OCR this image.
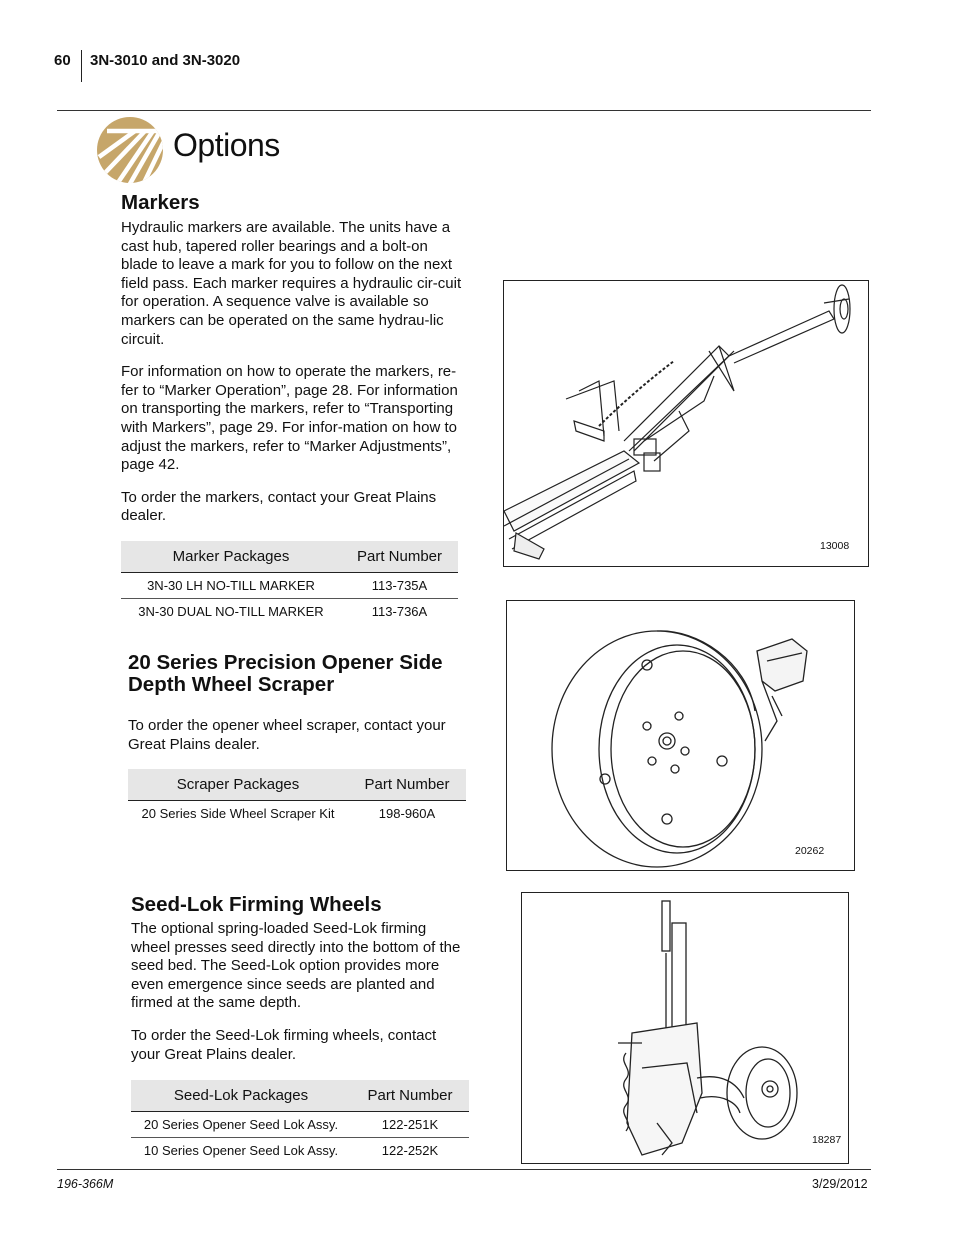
60 3N-3010 and 3N-3020
Options
Markers

Hydraulic markers are available. The units have a cast hub, tapered roller bearings and a bolt-on blade to leave a mark for you to follow on the next field pass. Each marker requires a hydraulic cir-cuit for operation. A sequence valve is available so markers can be operated on the same hydrau-lic circuit.

For information on how to operate the markers, re-fer to “Marker Operation”, page 28. For information on transporting the markers, refer to “Transporting with Markers”, page 29. For infor-mation on how to adjust the markers, refer to “Marker Adjustments”, page 42.

To order the markers, contact your Great Plains dealer.

Marker Packages	Part Number
3N-30 LH NO-TILL MARKER	113-735A
3N-30 DUAL NO-TILL MARKER	113-736A
13008
20 Series Precision Opener Side Depth Wheel Scraper

To order the opener wheel scraper, contact your Great Plains dealer.

Scraper Packages	Part Number
20 Series Side Wheel Scraper Kit	198-960A
20262
Seed-Lok Firming Wheels

The optional spring-loaded Seed-Lok firming wheel presses seed directly into the bottom of the seed bed. The Seed-Lok option provides more even emergence since seeds are planted and firmed at the same depth.

To order the Seed-Lok firming wheels, contact your Great Plains dealer.

Seed-Lok Packages	Part Number
20 Series Opener Seed Lok Assy.	122-251K
10 Series Opener Seed Lok Assy.	122-252K
18287
196-366M	3/29/2012
